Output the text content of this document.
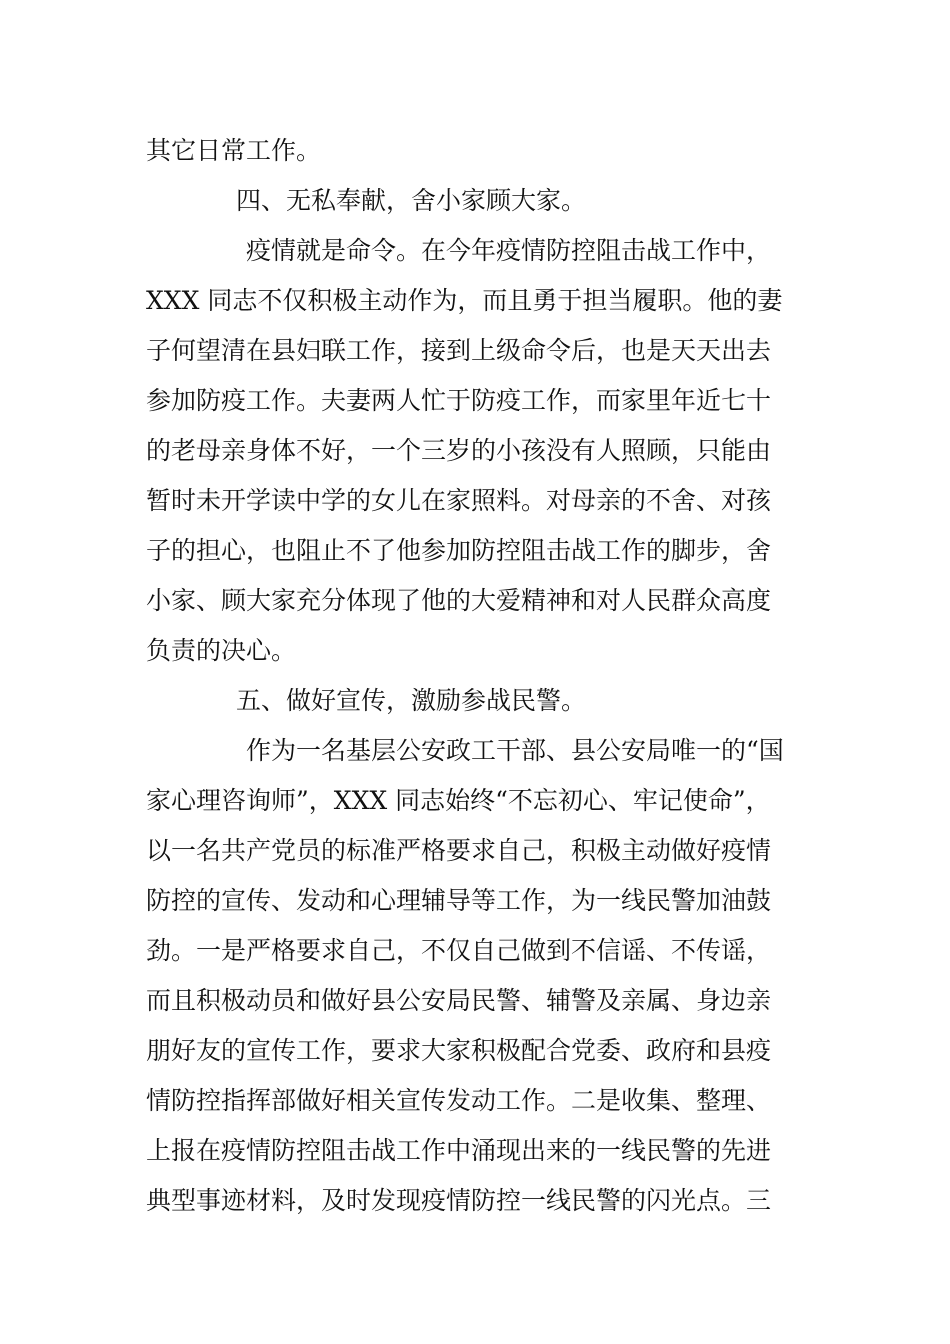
其它日常工作。
四、无私奉献，舍小家顾大家。
疫情就是命令。在今年疫情防控阻击战工作中，
XXX 同志不仅积极主动作为，而且勇于担当履职。他的妻
子何望清在县妇联工作，接到上级命令后，也是天天出去
参加防疫工作。夫妻两人忙于防疫工作，而家里年近七十
的老母亲身体不好，一个三岁的小孩没有人照顾，只能由
暂时未开学读中学的女儿在家照料。对母亲的不舍、对孩
子的担心，也阻止不了他参加防控阻击战工作的脚步，舍
小家、顾大家充分体现了他的大爱精神和对人民群众高度
负责的决心。
五、做好宣传，激励参战民警。
作为一名基层公安政工干部、县公安局唯一的“国
家心理咨询师”，XXX 同志始终“不忘初心、牢记使命”，
以一名共产党员的标准严格要求自己，积极主动做好疫情
防控的宣传、发动和心理辅导等工作，为一线民警加油鼓
劲。一是严格要求自己，不仅自己做到不信谣、不传谣，
而且积极动员和做好县公安局民警、辅警及亲属、身边亲
朋好友的宣传工作，要求大家积极配合党委、政府和县疫
情防控指挥部做好相关宣传发动工作。二是收集、整理、
上报在疫情防控阻击战工作中涌现出来的一线民警的先进
典型事迹材料，及时发现疫情防控一线民警的闪光点。三
